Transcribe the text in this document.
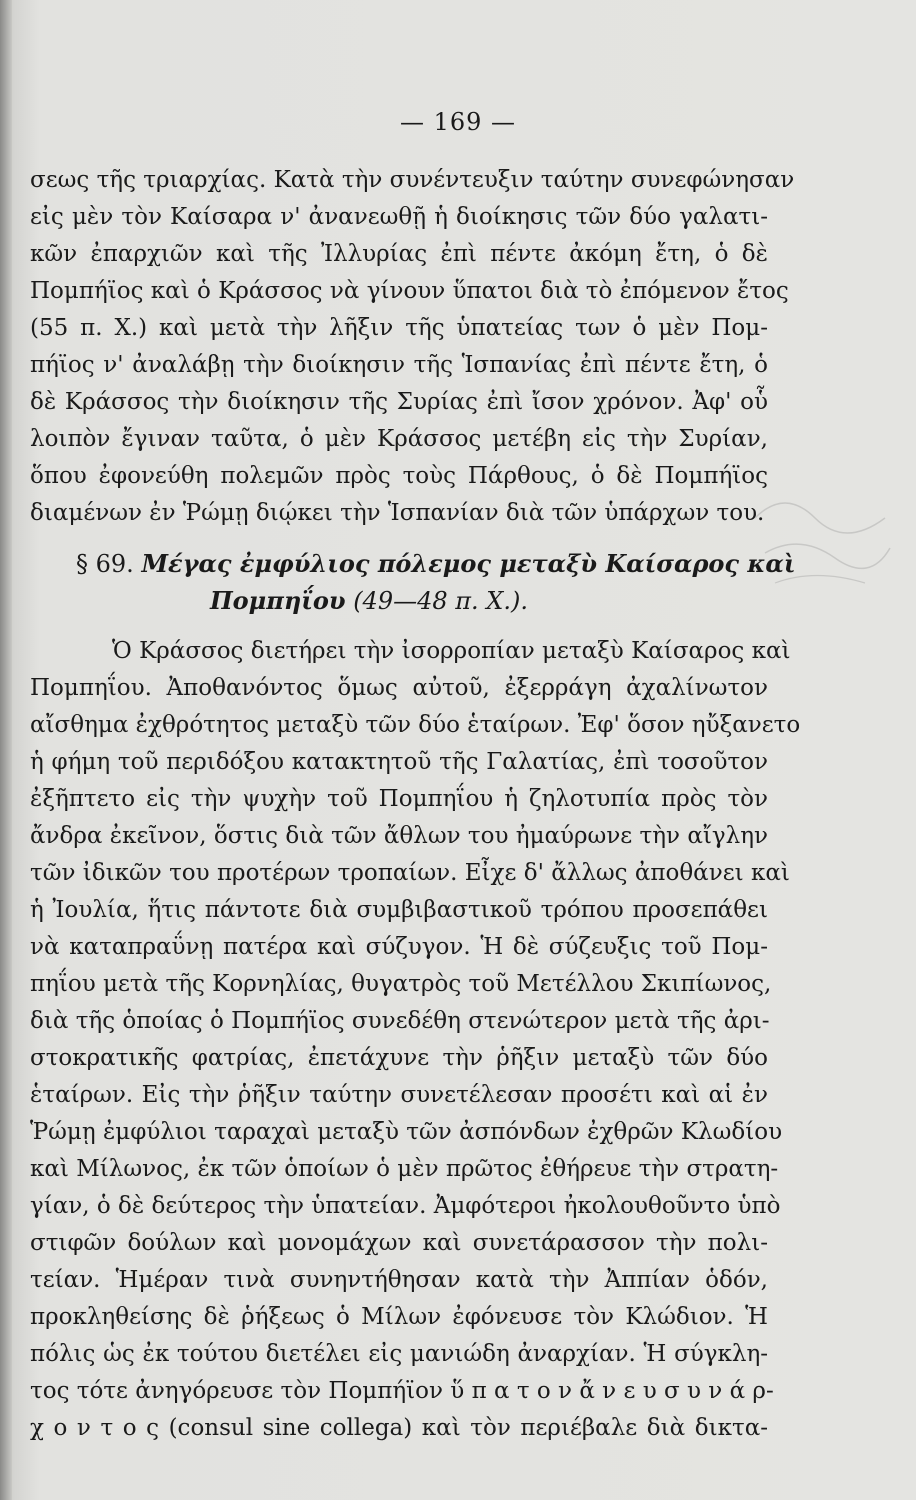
— 169 —
σεως τῆς τριαρχίας. Κατὰ τὴν συνέντευξιν ταύτην συνεφώνησαν
εἰς μὲν τὸν Καίσαρα ν' ἀνανεωθῇ ἡ διοίκησις τῶν δύο γαλατι-
κῶν ἐπαρχιῶν καὶ τῆς Ἰλλυρίας ἐπὶ πέντε ἀκόμη ἔτη, ὁ δὲ
Πομπήϊος καὶ ὁ Κράσσος νὰ γίνουν ὕπατοι διὰ τὸ ἐπόμενον ἔτος
(55 π. Χ.) καὶ μετὰ τὴν λῆξιν τῆς ὑπατείας των ὁ μὲν Πομ-
πήϊος ν' ἀναλάβῃ τὴν διοίκησιν τῆς Ἱσπανίας ἐπὶ πέντε ἔτη, ὁ
δὲ Κράσσος τὴν διοίκησιν τῆς Συρίας ἐπὶ ἴσον χρόνον. Ἀφ' οὗ
λοιπὸν ἔγιναν ταῦτα, ὁ μὲν Κράσσος μετέβη εἰς τὴν Συρίαν,
ὅπου ἐφονεύθη πολεμῶν πρὸς τοὺς Πάρθους, ὁ δὲ Πομπήϊος
διαμένων ἐν Ῥώμῃ διῴκει τὴν Ἱσπανίαν διὰ τῶν ὑπάρχων του.
§ 69. Μέγας ἐμφύλιος πόλεμος μεταξὺ Καίσαρος καὶ
Πομπηΐου (49—48 π. Χ.).
Ὁ Κράσσος διετήρει τὴν ἰσορροπίαν μεταξὺ Καίσαρος καὶ
Πομπηΐου. Ἀποθανόντος ὅμως αὐτοῦ, ἐξερράγη ἀχαλίνωτον
αἴσθημα ἐχθρότητος μεταξὺ τῶν δύο ἑταίρων. Ἐφ' ὅσον ηὔξανετο
ἡ φήμη τοῦ περιδόξου κατακτητοῦ τῆς Γαλατίας, ἐπὶ τοσοῦτον
ἐξῆπτετο εἰς τὴν ψυχὴν τοῦ Πομπηΐου ἡ ζηλοτυπία πρὸς τὸν
ἄνδρα ἐκεῖνον, ὅστις διὰ τῶν ἄθλων του ἠμαύρωνε τὴν αἴγλην
τῶν ἰδικῶν του προτέρων τροπαίων. Εἶχε δ' ἄλλως ἀποθάνει καὶ
ἡ Ἰουλία, ἥτις πάντοτε διὰ συμβιβαστικοῦ τρόπου προσεπάθει
νὰ καταπραΰνῃ πατέρα καὶ σύζυγον. Ἡ δὲ σύζευξις τοῦ Πομ-
πηΐου μετὰ τῆς Κορνηλίας, θυγατρὸς τοῦ Μετέλλου Σκιπίωνος,
διὰ τῆς ὁποίας ὁ Πομπήϊος συνεδέθη στενώτερον μετὰ τῆς ἀρι-
στοκρατικῆς φατρίας, ἐπετάχυνε τὴν ῥῆξιν μεταξὺ τῶν δύο
ἑταίρων. Εἰς τὴν ῥῆξιν ταύτην συνετέλεσαν προσέτι καὶ αἱ ἐν
Ῥώμῃ ἐμφύλιοι ταραχαὶ μεταξὺ τῶν ἀσπόνδων ἐχθρῶν Κλωδίου
καὶ Μίλωνος, ἐκ τῶν ὁποίων ὁ μὲν πρῶτος ἐθήρευε τὴν στρατη-
γίαν, ὁ δὲ δεύτερος τὴν ὑπατείαν. Ἀμφότεροι ἠκολουθοῦντο ὑπὸ
στιφῶν δούλων καὶ μονομάχων καὶ συνετάρασσον τὴν πολι-
τείαν. Ἡμέραν τινὰ συνηντήθησαν κατὰ τὴν Ἀππίαν ὁδόν,
προκληθείσης δὲ ῥήξεως ὁ Μίλων ἐφόνευσε τὸν Κλώδιον. Ἡ
πόλις ὡς ἐκ τούτου διετέλει εἰς μανιώδη ἀναρχίαν. Ἡ σύγκλη-
τος τότε ἀνηγόρευσε τὸν Πομπήϊον ὕ π α τ ο ν ἄ ν ε υ σ υ ν ά ρ-
χ ο ν τ ο ς (consul sine collega) καὶ τὸν περιέβαλε διὰ δικτα-
